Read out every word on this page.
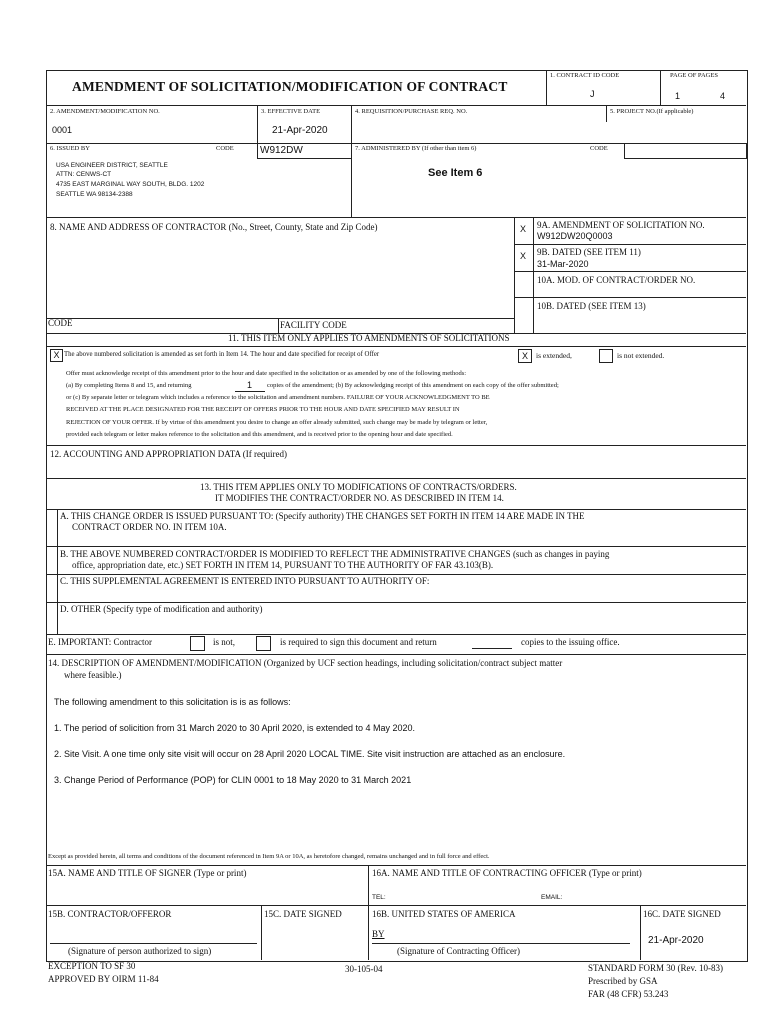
AMENDMENT OF SOLICITATION/MODIFICATION OF CONTRACT
1. CONTRACT ID CODE
J
PAGE OF PAGES
1	4
2. AMENDMENT/MODIFICATION NO.
0001
3. EFFECTIVE DATE
21-Apr-2020
4. REQUISITION/PURCHASE REQ. NO.	5. PROJECT NO.(If applicable)
6. ISSUED BY	CODE	W912DW	7. ADMINISTERED BY (If other than item 6)	CODE
USA ENGINEER DISTRICT, SEATTLE
ATTN: CENWS-CT
4735 EAST MARGINAL WAY SOUTH, BLDG. 1202
SEATTLE WA 98134-2388
See Item 6
8. NAME AND ADDRESS OF CONTRACTOR (No., Street, County, State and Zip Code)	X 9A. AMENDMENT OF SOLICITATION NO.
W912DW20Q0003
X 9B. DATED (SEE ITEM 11)
31-Mar-2020
10A. MOD. OF CONTRACT/ORDER NO.
10B. DATED (SEE ITEM 13)
CODE	FACILITY CODE
11. THIS ITEM ONLY APPLIES TO AMENDMENTS OF SOLICITATIONS
X The above numbered solicitation is amended as set forth in Item 14. The hour and date specified for receipt of Offer	X	is extended,	is not extended.
Offer must acknowledge receipt of this amendment prior to the hour and date specified in the solicitation or as amended by one of the following methods:
(a) By completing Items 8 and 15, and returning	1 copies of the amendment; (b) By acknowledging receipt of this amendment on each copy of the offer submitted;
or (c) By separate letter or telegram which includes a reference to the solicitation and amendment numbers. FAILURE OF YOUR ACKNOWLEDGMENT TO BE
RECEIVED AT THE PLACE DESIGNATED FOR THE RECEIPT OF OFFERS PRIOR TO THE HOUR AND DATE SPECIFIED MAY RESULT IN
REJECTION OF YOUR OFFER. If by virtue of this amendment you desire to change an offer already submitted, such change may be made by telegram or letter,
provided each telegram or letter makes reference to the solicitation and this amendment, and is received prior to the opening hour and date specified.
12. ACCOUNTING AND APPROPRIATION DATA (If required)
13. THIS ITEM APPLIES ONLY TO MODIFICATIONS OF CONTRACTS/ORDERS.
IT MODIFIES THE CONTRACT/ORDER NO. AS DESCRIBED IN ITEM 14.
A. THIS CHANGE ORDER IS ISSUED PURSUANT TO: (Specify authority) THE CHANGES SET FORTH IN ITEM 14 ARE MADE IN THE
CONTRACT ORDER NO. IN ITEM 10A.
B. THE ABOVE NUMBERED CONTRACT/ORDER IS MODIFIED TO REFLECT THE ADMINISTRATIVE CHANGES (such as changes in paying
office, appropriation date, etc.) SET FORTH IN ITEM 14, PURSUANT TO THE AUTHORITY OF FAR 43.103(B).
C. THIS SUPPLEMENTAL AGREEMENT IS ENTERED INTO PURSUANT TO AUTHORITY OF:
D. OTHER (Specify type of modification and authority)
E. IMPORTANT: Contractor	is not,	is required to sign this document and return	copies to the issuing office.
14. DESCRIPTION OF AMENDMENT/MODIFICATION (Organized by UCF section headings, including solicitation/contract subject matter
where feasible.)
The following amendment to this solicitation is is as follows:
1. The period of solicition from 31 March 2020 to 30 April 2020, is extended to 4 May 2020.
2. Site Visit. A one time only site visit will occur on 28 April 2020 LOCAL TIME. Site visit instruction are attached as an enclosure.
3. Change Period of Performance (POP) for CLIN 0001 to 18 May 2020 to 31 March 2021
Except as provided herein, all terms and conditions of the document referenced in Item 9A or 10A, as heretofore changed, remains unchanged and in full force and effect.
15A. NAME AND TITLE OF SIGNER (Type or print)	16A. NAME AND TITLE OF CONTRACTING OFFICER (Type or print)
TEL:	EMAIL:
15B. CONTRACTOR/OFFEROR	15C. DATE SIGNED	16B. UNITED STATES OF AMERICA	16C. DATE SIGNED
21-Apr-2020
BY
(Signature of person authorized to sign)	(Signature of Contracting Officer)
EXCEPTION TO SF 30
APPROVED BY OIRM 11-84
30-105-04	STANDARD FORM 30 (Rev. 10-83)
Prescribed by GSA
FAR (48 CFR) 53.243
